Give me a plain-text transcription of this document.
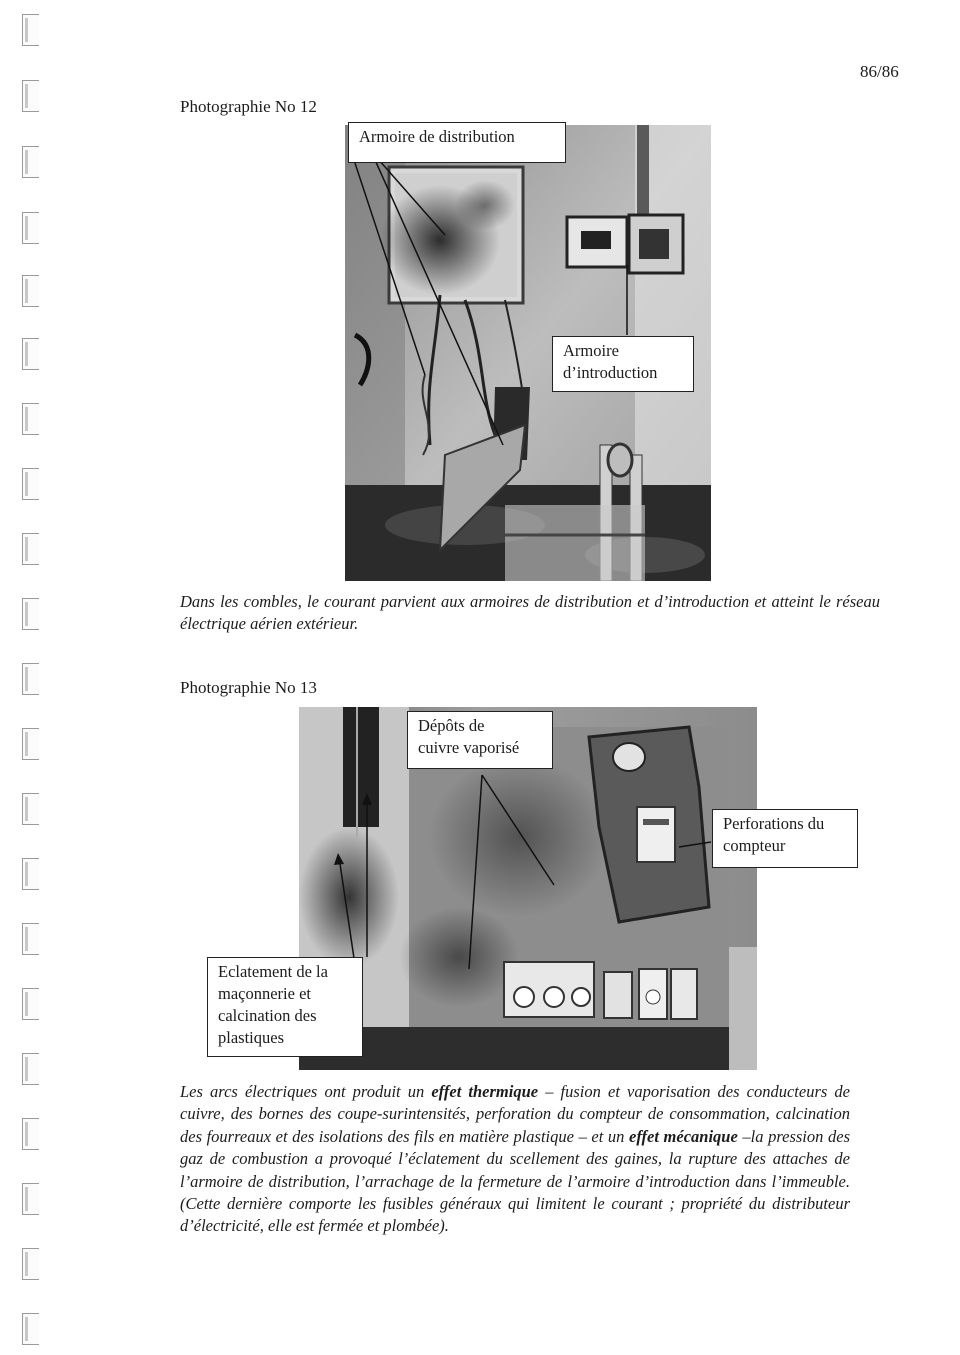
86/86
Photographie No 12
Armoire de distribution
Armoire
d’introduction
Dans les combles, le courant parvient aux armoires de distribution et d’introduction et atteint le réseau électrique aérien extérieur.
Photographie No 13
Dépôts de
cuivre vaporisé
Perforations du
compteur
Eclatement de la
maçonnerie et
calcination des
plastiques
Les arcs électriques ont produit un effet thermique – fusion et vaporisation des conducteurs de cuivre, des bornes des coupe-surintensités, perforation du compteur de consommation, calcination des fourreaux et des isolations des fils en matière plastique – et un effet mécanique –la pression des gaz de combustion a provoqué l’éclatement du scellement des gaines, la rupture des attaches de l’armoire de distribution, l’arrachage de la fermeture de l’armoire d’introduction dans l’immeuble. (Cette dernière comporte les fusibles généraux qui limitent le courant ; propriété du distributeur d’électricité, elle est fermée et plombée).
